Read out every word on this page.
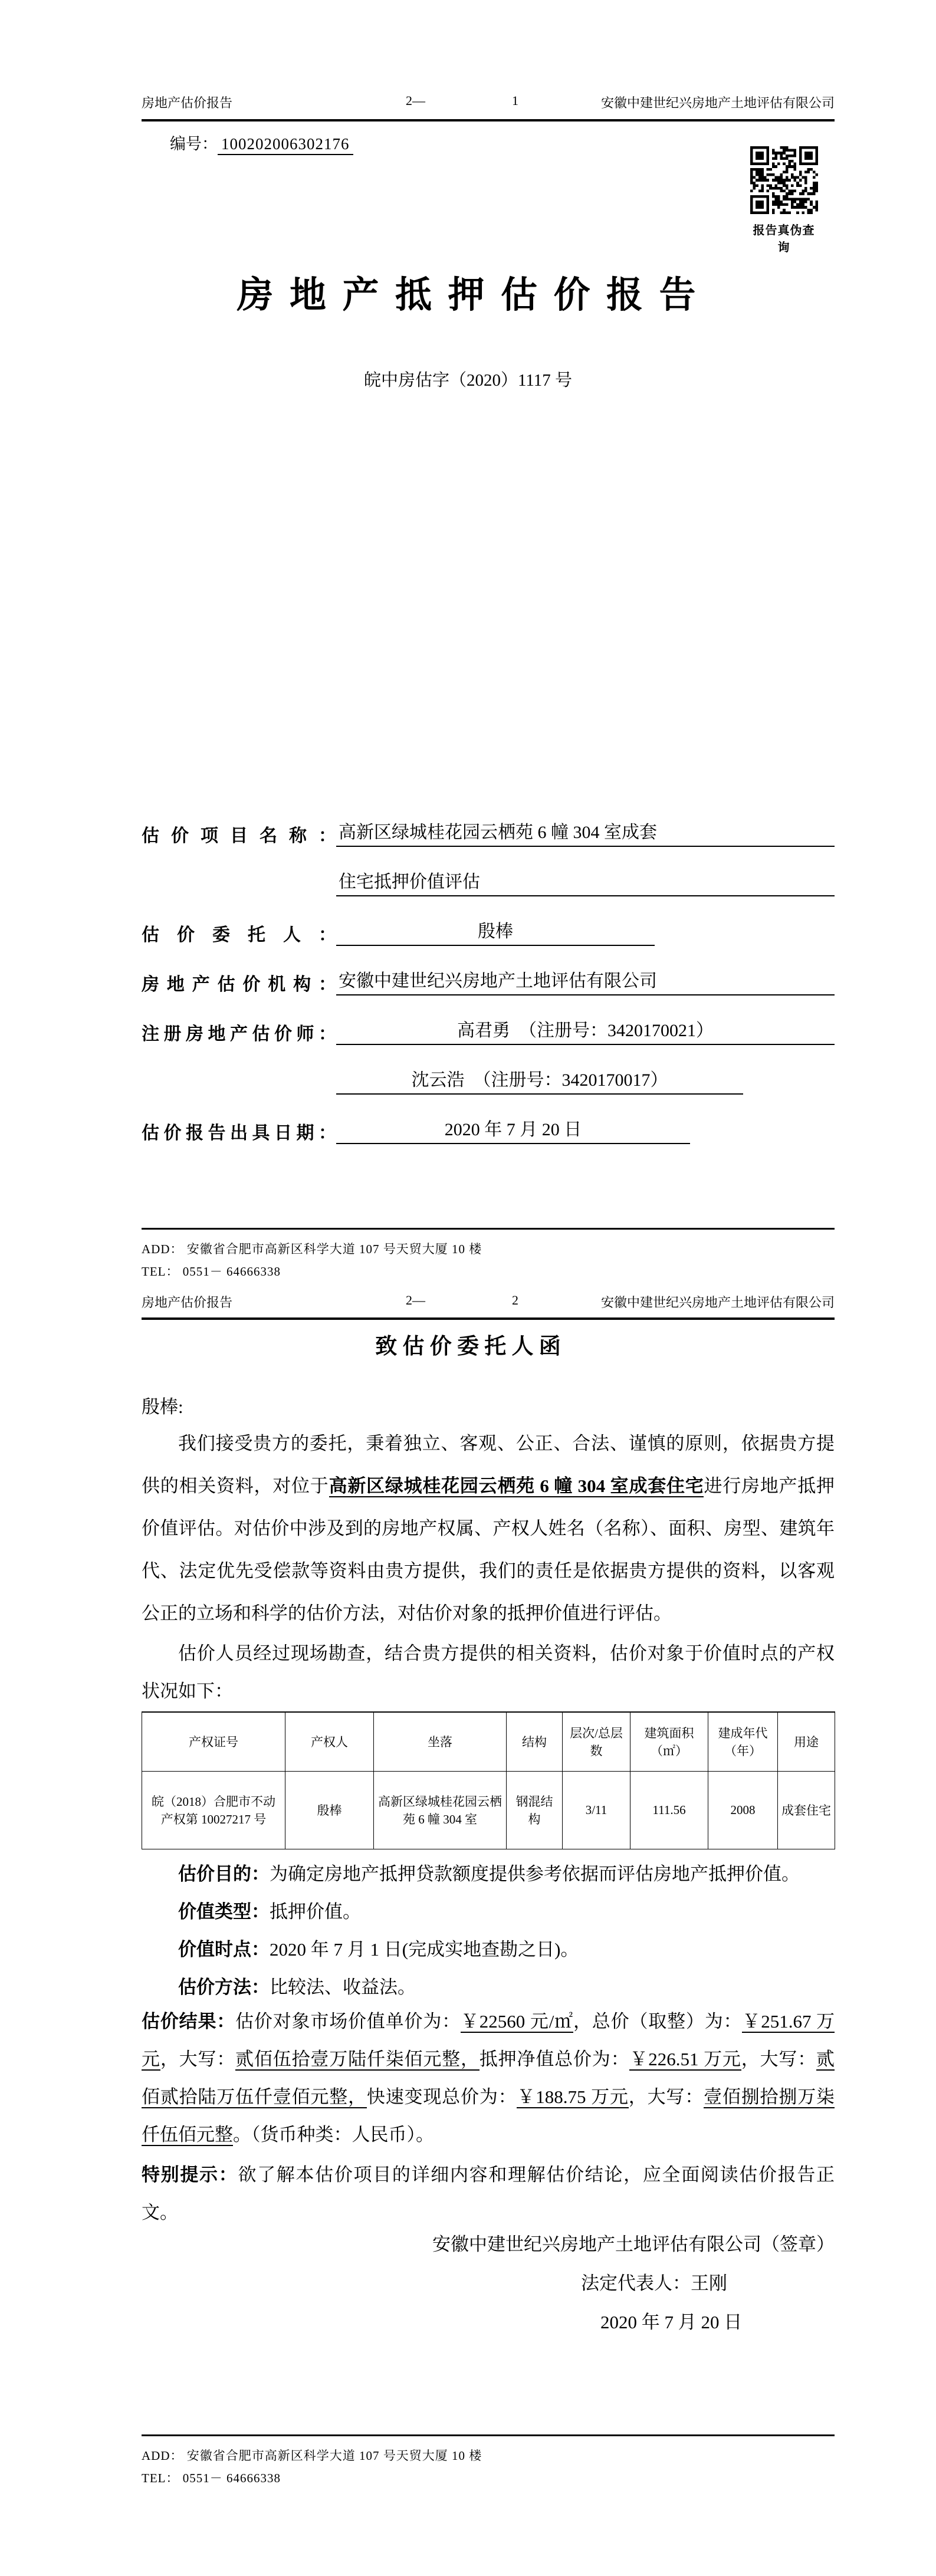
房地产估价报告	2—	1	安徽中建世纪兴房地产土地评估有限公司
编号： 100202006302176
报告真伪查询
房 地 产 抵 押 估 价 报 告
皖中房估字（2020）1117 号
估价项目名称： 高新区绿城桂花园云栖苑 6 幢 304 室成套
住宅抵押价值评估
估价委托人：	殷棒
房地产估价机构： 安徽中建世纪兴房地产土地评估有限公司
注册房地产估价师：	高君勇　（注册号：3420170021）
沈云浩　（注册号：3420170017）
估价报告出具日期：	2020 年 7 月 20 日
ADD： 安徽省合肥市高新区科学大道 107 号天贸大厦 10 楼
TEL： 0551－ 64666338
房地产估价报告	2—	2	安徽中建世纪兴房地产土地评估有限公司
致 估 价 委 托 人 函
殷棒:
我们接受贵方的委托，秉着独立、客观、公正、合法、谨慎的原则，依据贵方提供的相关资料，对位于高新区绿城桂花园云栖苑 6 幢 304 室成套住宅进行房地产抵押价值评估。对估价中涉及到的房地产权属、产权人姓名（名称）、面积、房型、建筑年代、法定优先受偿款等资料由贵方提供，我们的责任是依据贵方提供的资料，以客观公正的立场和科学的估价方法，对估价对象的抵押价值进行评估。
估价人员经过现场勘查，结合贵方提供的相关资料，估价对象于价值时点的产权状况如下：
产权证号	产权人	坐落	结构	层次/总层数	建筑面积（㎡）	建成年代（年）	用途
皖（2018）合肥市不动产权第 10027217 号	殷棒	高新区绿城桂花园云栖苑 6 幢 304 室	钢混结构	3/11	111.56	2008	成套住宅
估价目的：为确定房地产抵押贷款额度提供参考依据而评估房地产抵押价值。
价值类型：抵押价值。
价值时点：2020 年 7 月 1 日(完成实地查勘之日)。
估价方法：比较法、收益法。
估价结果：估价对象市场价值单价为：￥22560 元/㎡，总价（取整）为：￥251.67 万元，大写：贰佰伍拾壹万陆仟柒佰元整，抵押净值总价为：￥226.51 万元，大写：贰佰贰拾陆万伍仟壹佰元整，快速变现总价为：￥188.75 万元，大写：壹佰捌拾捌万柒仟伍佰元整。（货币种类：人民币）。
特别提示：欲了解本估价项目的详细内容和理解估价结论，应全面阅读估价报告正文。
安徽中建世纪兴房地产土地评估有限公司（签章）
法定代表人：王刚
2020 年 7 月 20 日
ADD： 安徽省合肥市高新区科学大道 107 号天贸大厦 10 楼
TEL： 0551－ 64666338
